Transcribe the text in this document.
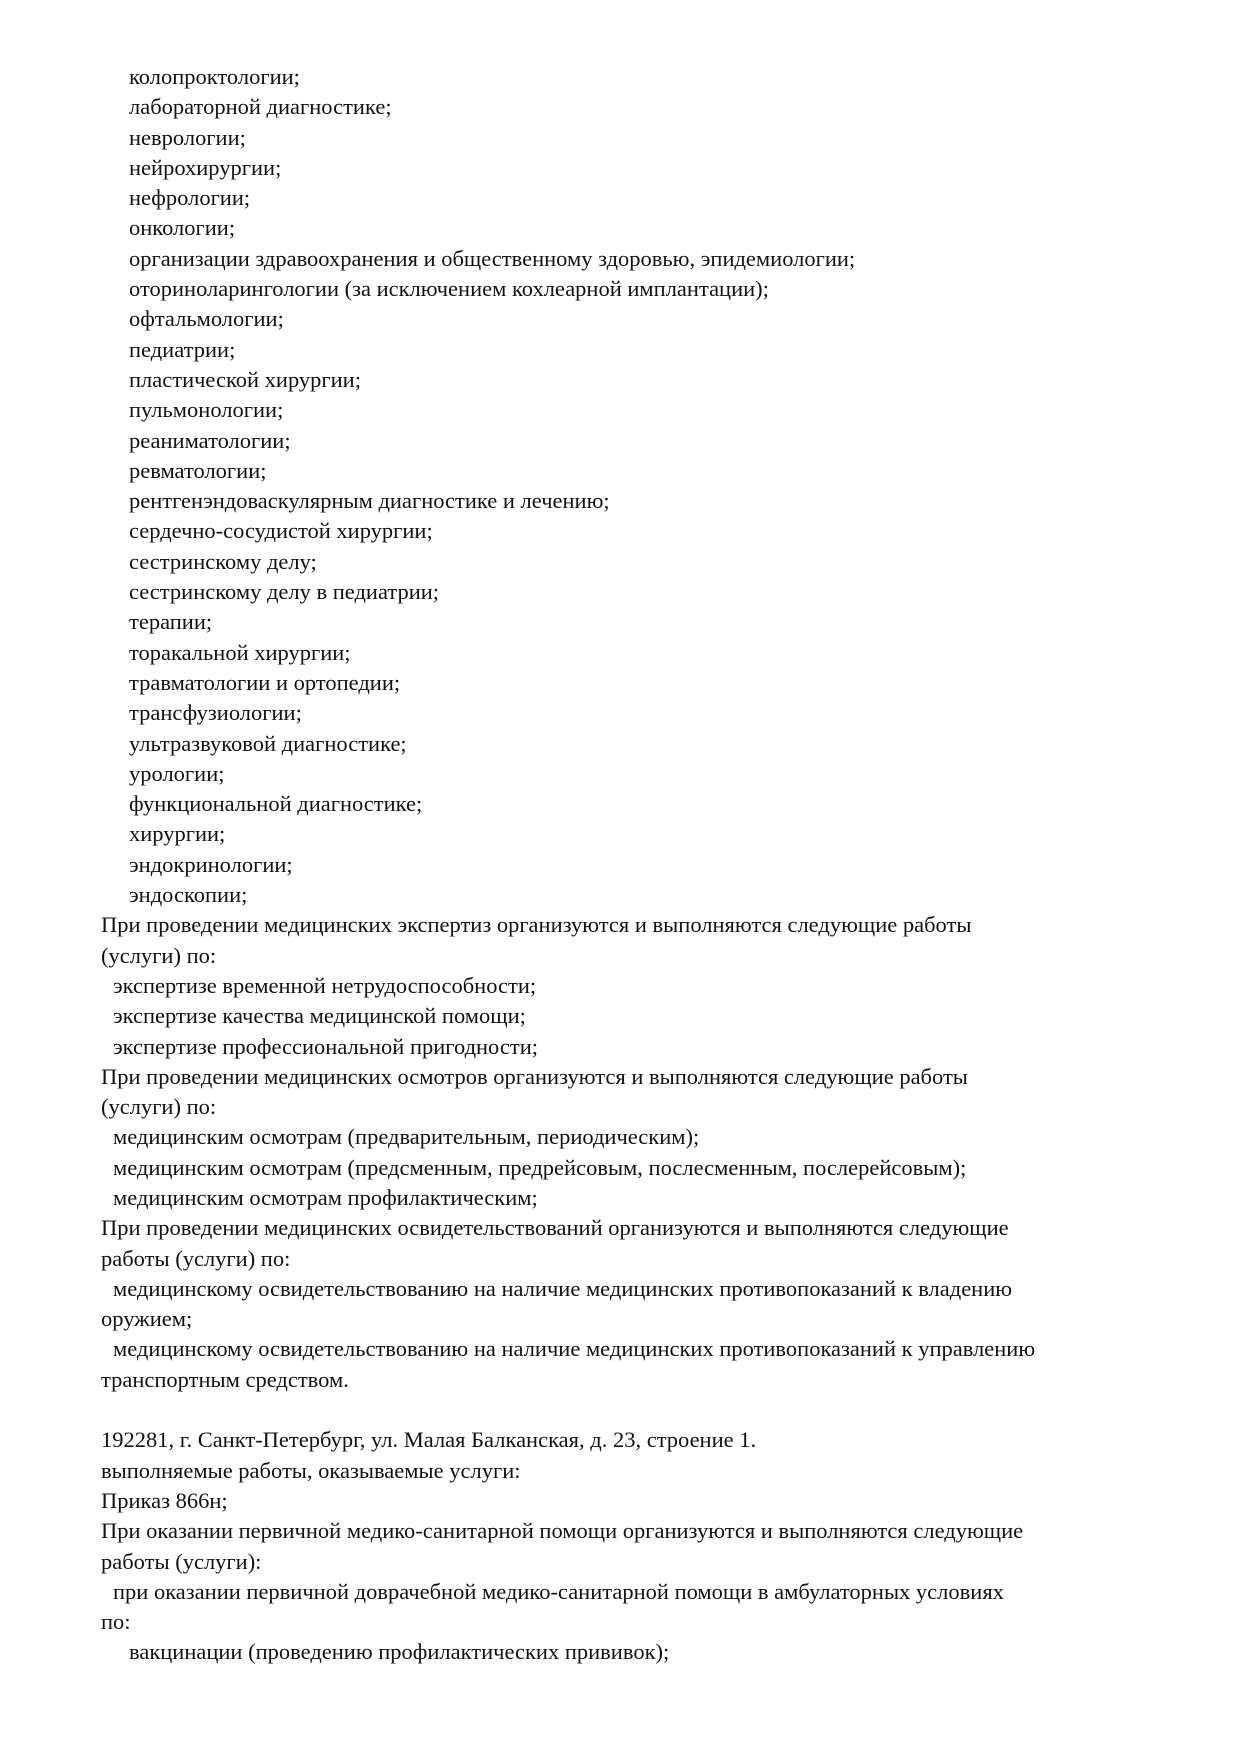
колопроктологии;
лабораторной диагностике;
неврологии;
нейрохирургии;
нефрологии;
онкологии;
организации здравоохранения и общественному здоровью, эпидемиологии;
оториноларингологии (за исключением кохлеарной имплантации);
офтальмологии;
педиатрии;
пластической хирургии;
пульмонологии;
реаниматологии;
ревматологии;
рентгенэндоваскулярным диагностике и лечению;
сердечно-сосудистой хирургии;
сестринскому делу;
сестринскому делу в педиатрии;
терапии;
торакальной хирургии;
травматологии и ортопедии;
трансфузиологии;
ультразвуковой диагностике;
урологии;
функциональной диагностике;
хирургии;
эндокринологии;
эндоскопии;
При проведении медицинских экспертиз организуются и выполняются следующие работы
(услуги) по:
экспертизе временной нетрудоспособности;
экспертизе качества медицинской помощи;
экспертизе профессиональной пригодности;
При проведении медицинских осмотров организуются и выполняются следующие работы
(услуги) по:
медицинским осмотрам (предварительным, периодическим);
медицинским осмотрам (предсменным, предрейсовым, послесменным, послерейсовым);
медицинским осмотрам профилактическим;
При проведении медицинских освидетельствований организуются и выполняются следующие
работы (услуги) по:
медицинскому освидетельствованию на наличие медицинских противопоказаний к владению
оружием;
медицинскому освидетельствованию на наличие медицинских противопоказаний к управлению
транспортным средством.
192281, г. Санкт-Петербург, ул. Малая Балканская, д. 23, строение 1.
выполняемые работы, оказываемые услуги:
Приказ 866н;
При оказании первичной медико-санитарной помощи организуются и выполняются следующие
работы (услуги):
при оказании первичной доврачебной медико-санитарной помощи в амбулаторных условиях
по:
вакцинации (проведению профилактических прививок);
